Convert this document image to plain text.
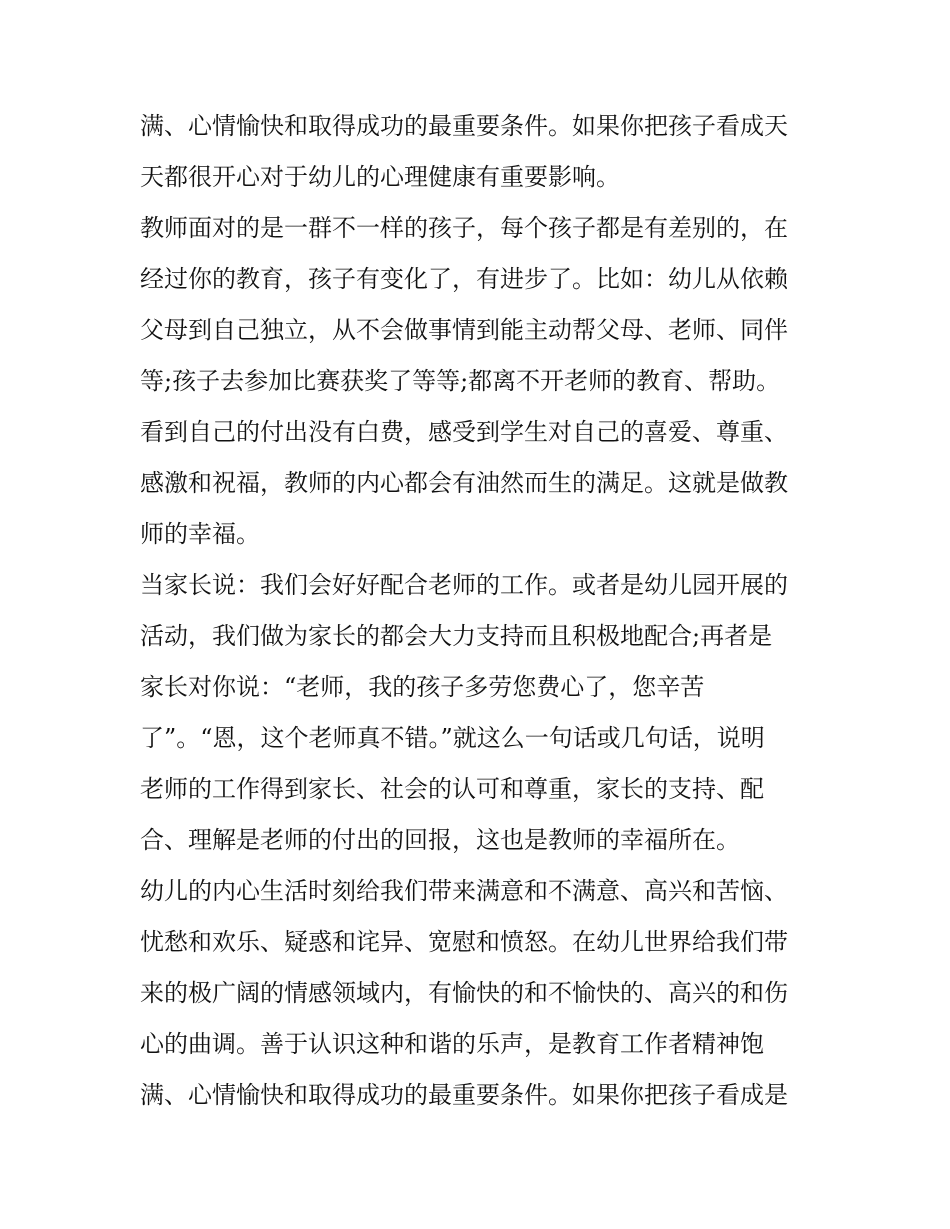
满、心情愉快和取得成功的最重要条件。如果你把孩子看成天
天都很开心对于幼儿的心理健康有重要影响。
教师面对的是一群不一样的孩子，每个孩子都是有差别的，在
经过你的教育，孩子有变化了，有进步了。比如：幼儿从依赖
父母到自己独立，从不会做事情到能主动帮父母、老师、同伴
等;孩子去参加比赛获奖了等等;都离不开老师的教育、帮助。
看到自己的付出没有白费，感受到学生对自己的喜爱、尊重、
感激和祝福，教师的内心都会有油然而生的满足。这就是做教
师的幸福。
当家长说：我们会好好配合老师的工作。或者是幼儿园开展的
活动，我们做为家长的都会大力支持而且积极地配合;再者是
家长对你说：“老师，我的孩子多劳您费心了，您辛苦
了”。“恩，这个老师真不错。”就这么一句话或几句话，说明
老师的工作得到家长、社会的认可和尊重，家长的支持、配
合、理解是老师的付出的回报，这也是教师的幸福所在。
幼儿的内心生活时刻给我们带来满意和不满意、高兴和苦恼、
忧愁和欢乐、疑惑和诧异、宽慰和愤怒。在幼儿世界给我们带
来的极广阔的情感领域内，有愉快的和不愉快的、高兴的和伤
心的曲调。善于认识这种和谐的乐声，是教育工作者精神饱
满、心情愉快和取得成功的最重要条件。如果你把孩子看成是
